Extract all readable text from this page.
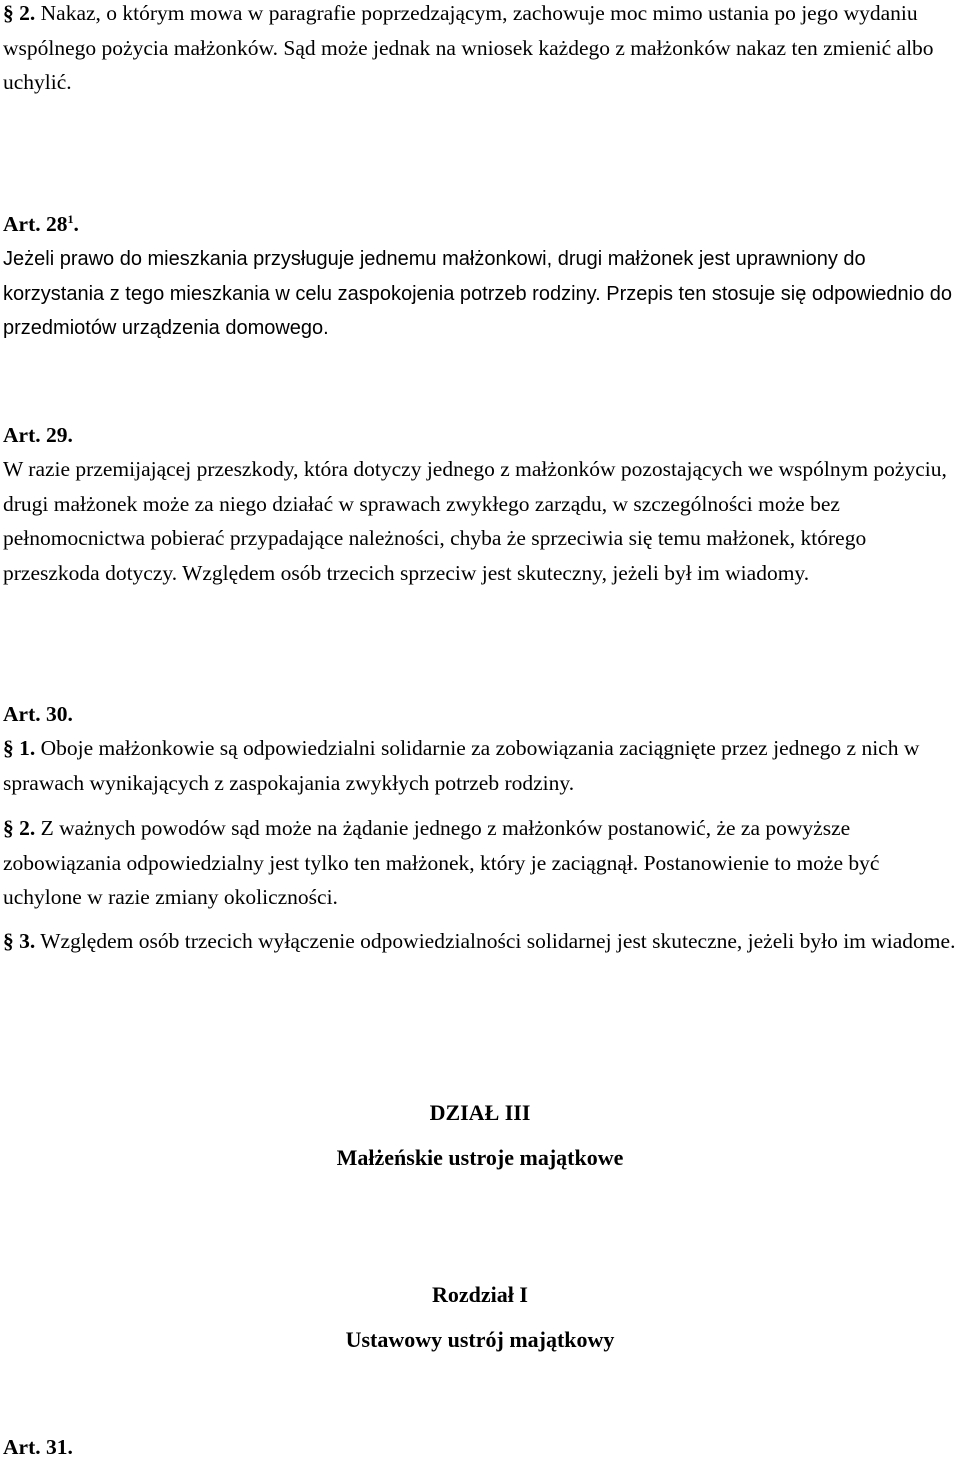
§ 2. Nakaz, o którym mowa w paragrafie poprzedzającym, zachowuje moc mimo ustania po jego wydaniu wspólnego pożycia małżonków. Sąd może jednak na wniosek każdego z małżonków nakaz ten zmienić albo uchylić.

Art. $28^1$.

Jeżeli prawo do mieszkania przysługuje jednemu małżonkowi, drugi małżonek jest uprawniony do korzystania z tego mieszkania w celu zaspokojenia potrzeb rodziny. Przepis ten stosuje się odpowiednio do przedmiotów urządzenia domowego.

Art. 29.

W razie przemijającej przeszkody, która dotyczy jednego z małżonków pozostających we wspólnym pożyciu, drugi małżonek może za niego działać w sprawach zwykłego zarządu, w szczególności może bez pełnomocnictwa pobierać przypadające należności, chyba że sprzeciwia się temu małżonek, którego przeszkoda dotyczy. Względem osób trzecich sprzeciw jest skuteczny, jeżeli był im wiadomy.

Art. 30.

§ 1. Oboje małżonkowie są odpowiedzialni solidarnie za zobowiązania zaciągnięte przez jednego z nich w sprawach wynikających z zaspokajania zwykłych potrzeb rodziny.

§ 2. Z ważnych powodów sąd może na żądanie jednego z małżonków postanowić, że za powyższe zobowiązania odpowiedzialny jest tylko ten małżonek, który je zaciągnął. Postanowienie to może być uchylone w razie zmiany okoliczności.

§ 3. Względem osób trzecich wyłączenie odpowiedzialności solidarnej jest skuteczne, jeżeli było im wiadome.

DZIAŁ III
Małżeńskie ustroje majątkowe
Rozdział I
Ustawowy ustrój majątkowy
Art. 31.
